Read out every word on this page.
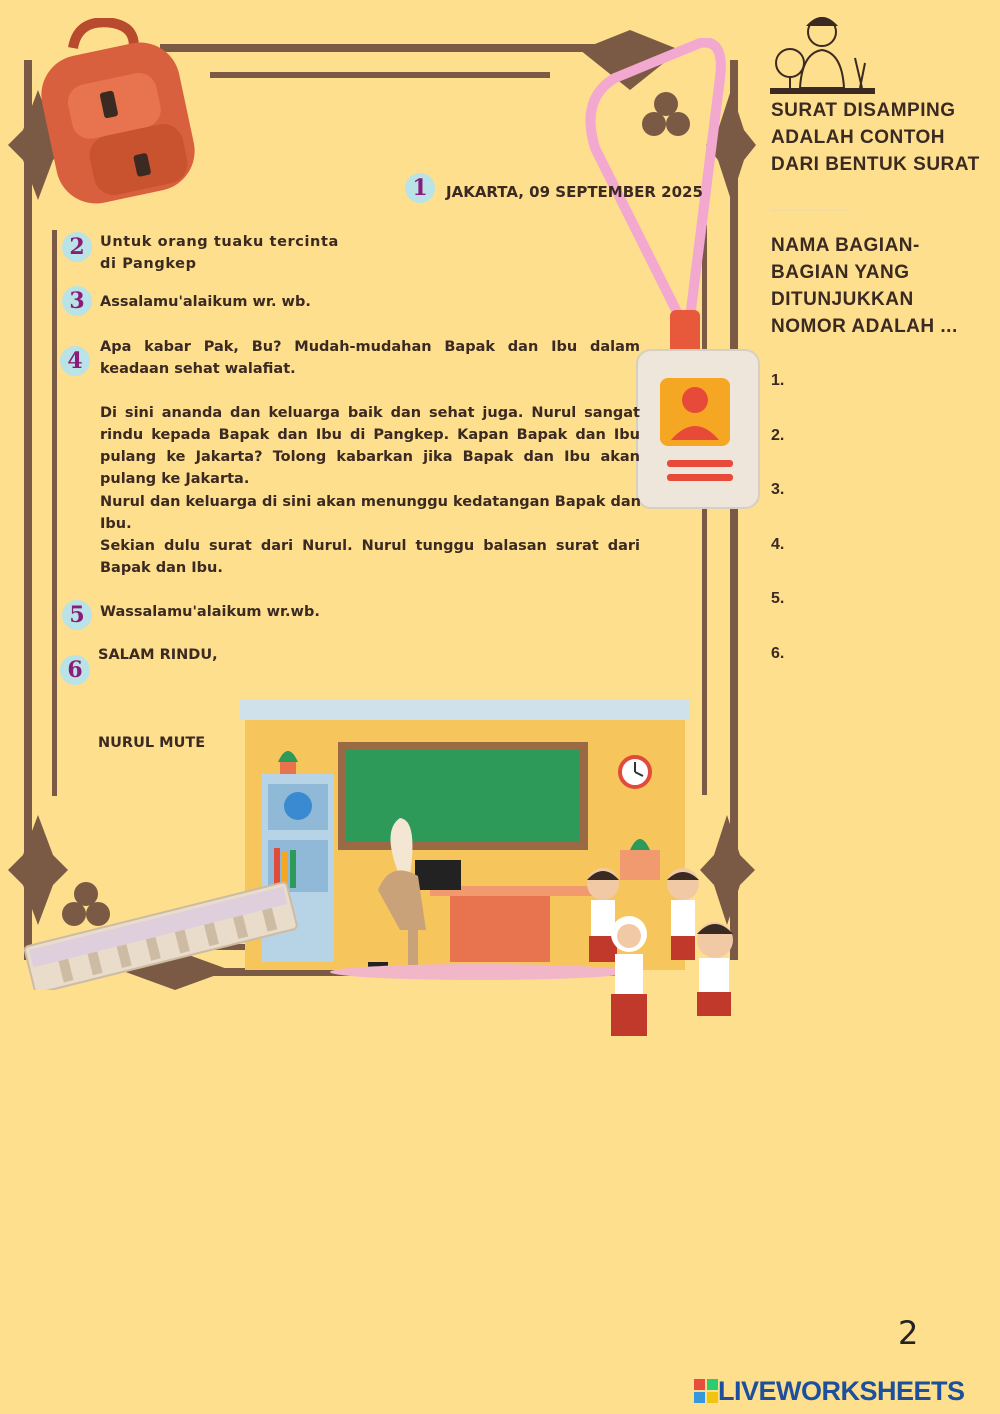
1	JAKARTA, 09 SEPTEMBER 2025
2	Untuk orang tuaku tercinta
di Pangkep
3	Assalamu'alaikum wr. wb.
4
Apa kabar Pak, Bu? Mudah-mudahan Bapak dan Ibu dalam keadaan sehat walafiat.
Di sini ananda dan keluarga baik dan sehat juga. Nurul sangat rindu kepada Bapak dan Ibu di Pangkep. Kapan Bapak dan Ibu pulang ke Jakarta? Tolong kabarkan jika Bapak dan Ibu akan pulang ke Jakarta.
Nurul dan keluarga di sini akan menunggu kedatangan Bapak dan Ibu.
Sekian dulu surat dari Nurul. Nurul tunggu balasan surat dari Bapak dan Ibu.
5	Wassalamu'alaikum wr.wb.
6
SALAM RINDU,
NURUL MUTE
SURAT DISAMPING
ADALAH CONTOH
DARI BENTUK SURAT
................................
NAMA BAGIAN-
BAGIAN YANG
DITUNJUKKAN
NOMOR ADALAH ...
1.
2.
3.
4.
5.
6.
2
LIVEWORKSHEETS
